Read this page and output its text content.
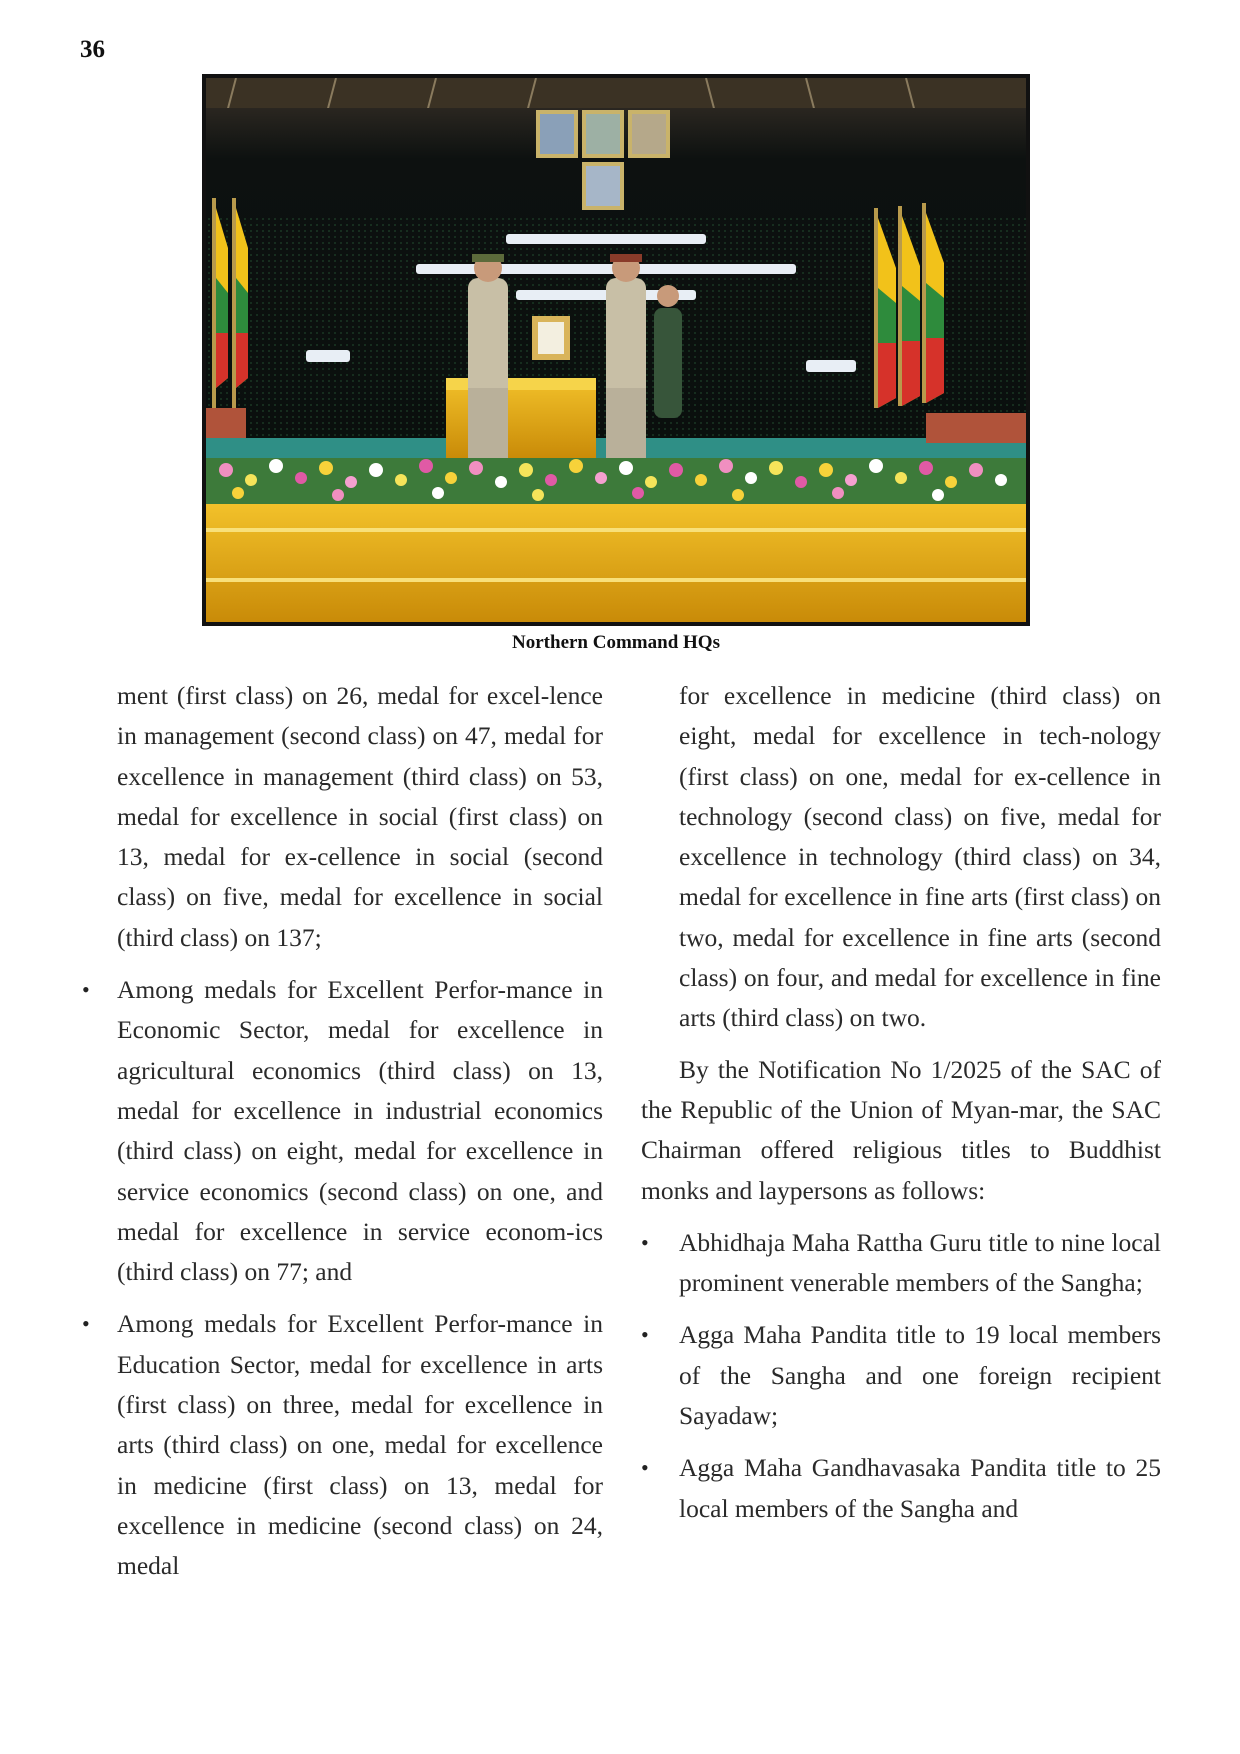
36
Northern Command HQs

ment (first class) on 26, medal for excel-lence in management (second class) on 47, medal for excellence in management (third class) on 53, medal for excellence in social (first class) on 13, medal for ex-cellence in social (second class) on five, medal for excellence in social (third class) on 137;

• Among medals for Excellent Perfor-mance in Economic Sector, medal for excellence in agricultural economics (third class) on 13, medal for excellence in industrial economics (third class) on eight, medal for excellence in service economics (second class) on one, and medal for excellence in service econom-ics (third class) on 77; and
• Among medals for Excellent Perfor-mance in Education Sector, medal for excellence in arts (first class) on three, medal for excellence in arts (third class) on one, medal for excellence in medicine (first class) on 13, medal for excellence in medicine (second class) on 24, medal

for excellence in medicine (third class) on eight, medal for excellence in tech-nology (first class) on one, medal for ex-cellence in technology (second class) on five, medal for excellence in technology (third class) on 34, medal for excellence in fine arts (first class) on two, medal for excellence in fine arts (second class) on four, and medal for excellence in fine arts (third class) on two.

By the Notification No 1/2025 of the SAC of the Republic of the Union of Myan-mar, the SAC Chairman offered religious titles to Buddhist monks and laypersons as follows:

• Abhidhaja Maha Rattha Guru title to nine local prominent venerable members of the Sangha;
• Agga Maha Pandita title to 19 local members of the Sangha and one foreign recipient Sayadaw;
• Agga Maha Gandhavasaka Pandita title to 25 local members of the Sangha and
